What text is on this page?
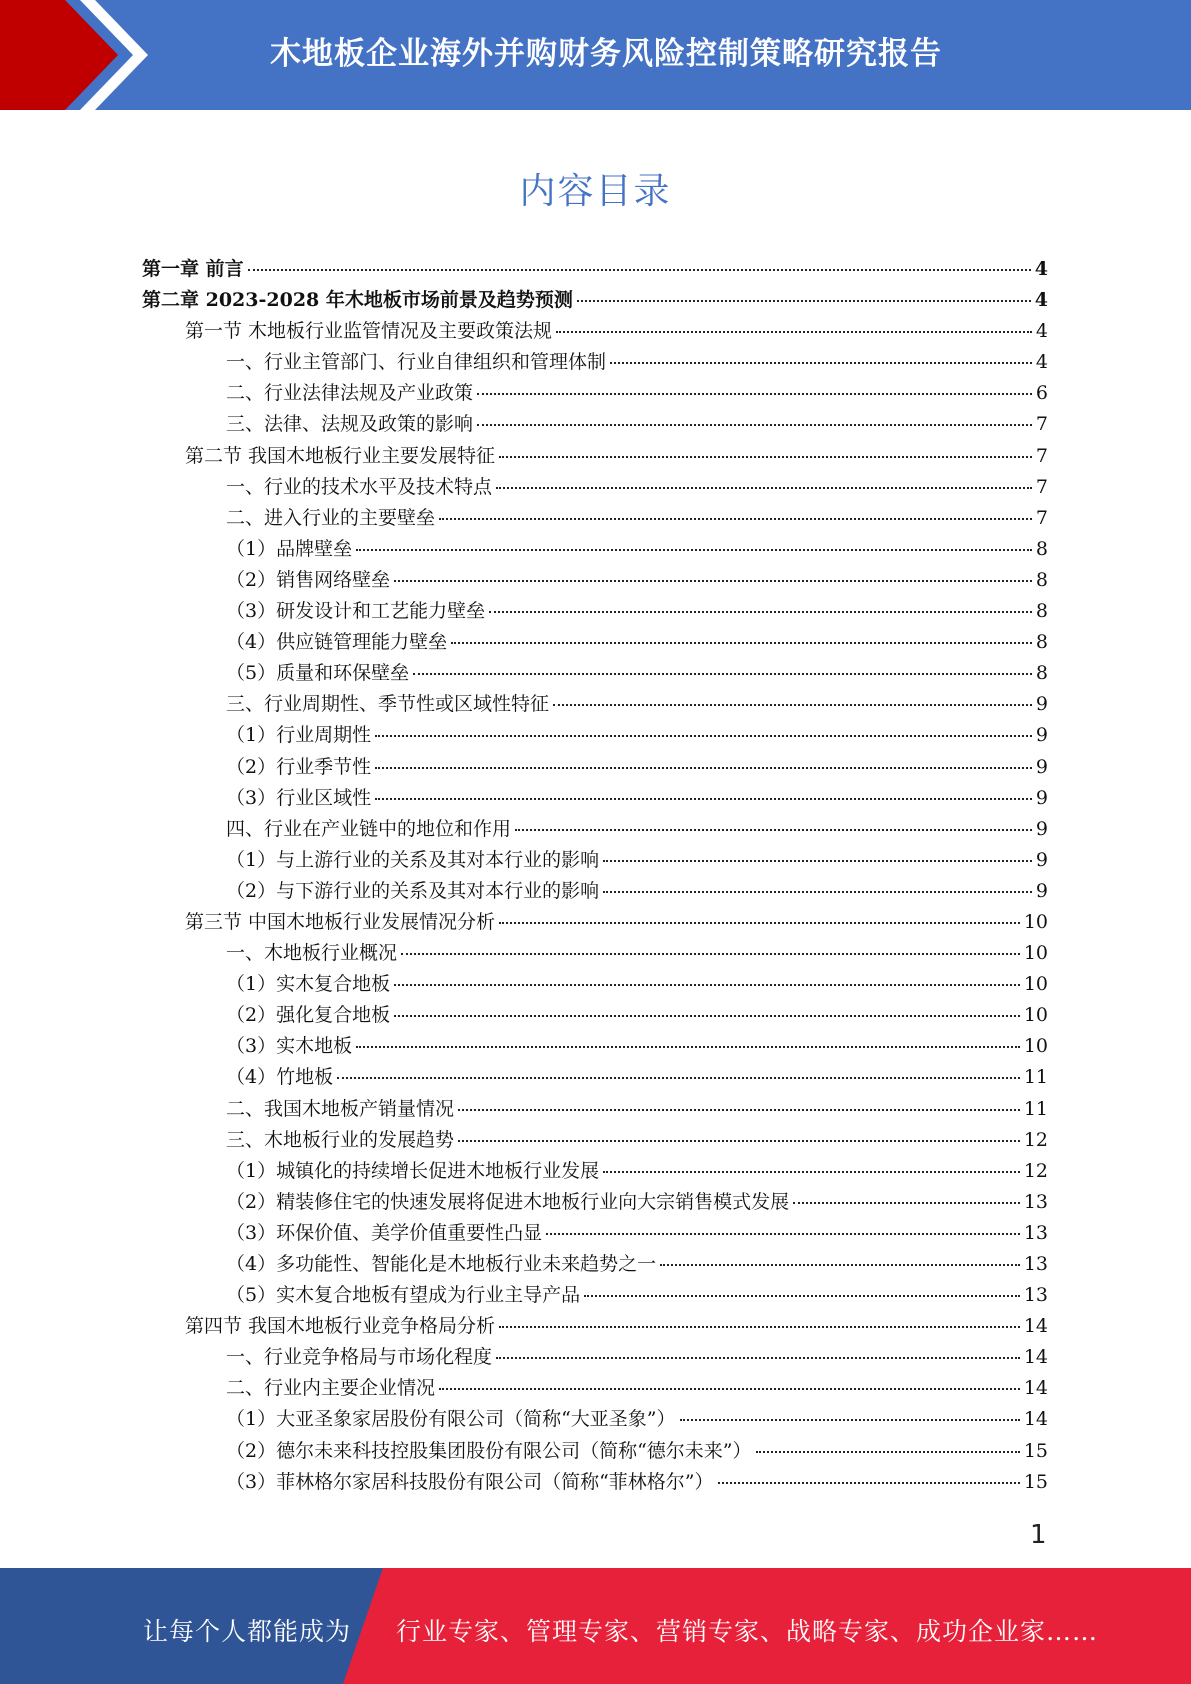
木地板企业海外并购财务风险控制策略研究报告
内容目录
第一章 前言	4
第二章 2023-2028 年木地板市场前景及趋势预测	4
第一节 木地板行业监管情况及主要政策法规	4
一、行业主管部门、行业自律组织和管理体制	4
二、行业法律法规及产业政策	6
三、法律、法规及政策的影响	7
第二节 我国木地板行业主要发展特征	7
一、行业的技术水平及技术特点	7
二、进入行业的主要壁垒	7
（1）品牌壁垒	8
（2）销售网络壁垒	8
（3）研发设计和工艺能力壁垒	8
（4）供应链管理能力壁垒	8
（5）质量和环保壁垒	8
三、行业周期性、季节性或区域性特征	9
（1）行业周期性	9
（2）行业季节性	9
（3）行业区域性	9
四、行业在产业链中的地位和作用	9
（1）与上游行业的关系及其对本行业的影响	9
（2）与下游行业的关系及其对本行业的影响	9
第三节 中国木地板行业发展情况分析	10
一、木地板行业概况	10
（1）实木复合地板	10
（2）强化复合地板	10
（3）实木地板	10
（4）竹地板	11
二、我国木地板产销量情况	11
三、木地板行业的发展趋势	12
（1）城镇化的持续增长促进木地板行业发展	12
（2）精装修住宅的快速发展将促进木地板行业向大宗销售模式发展	13
（3）环保价值、美学价值重要性凸显	13
（4）多功能性、智能化是木地板行业未来趋势之一	13
（5）实木复合地板有望成为行业主导产品	13
第四节 我国木地板行业竞争格局分析	14
一、行业竞争格局与市场化程度	14
二、行业内主要企业情况	14
（1）大亚圣象家居股份有限公司（简称“大亚圣象”）	14
（2）德尔未来科技控股集团股份有限公司（简称“德尔未来”）	15
（3）菲林格尔家居科技股份有限公司（简称“菲林格尔”）	15
1
让每个人都能成为 行业专家、管理专家、营销专家、战略专家、成功企业家……
